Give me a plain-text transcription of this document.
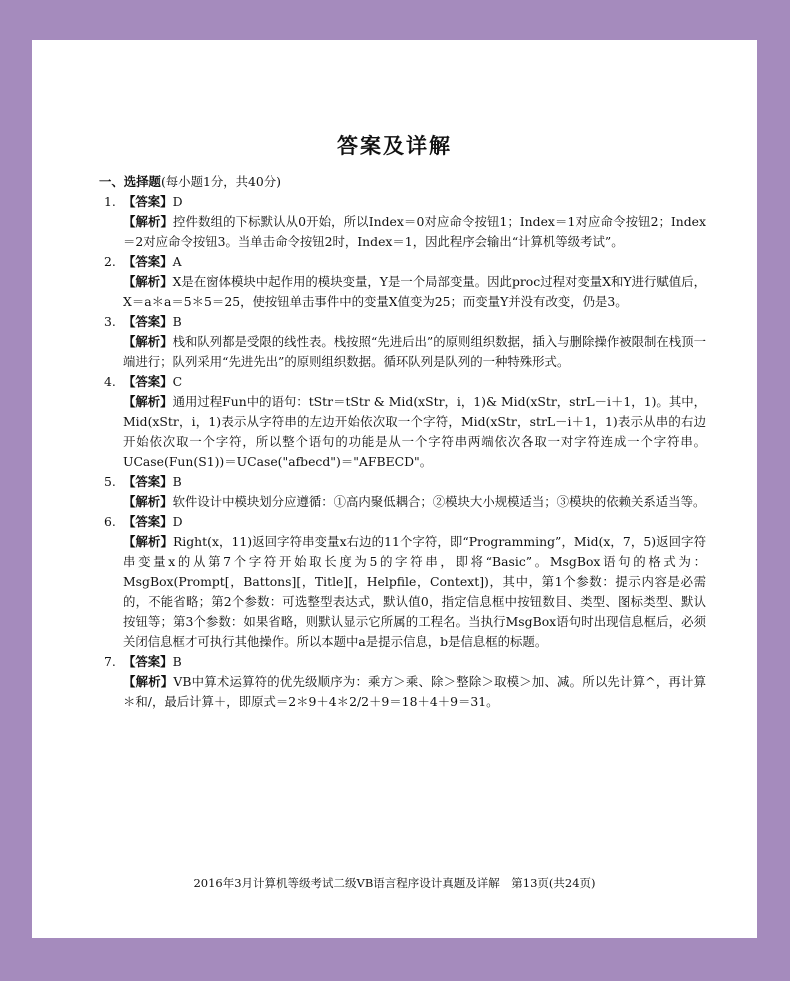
答案及详解
一、选择题(每小题1分，共40分)
1. 【答案】D
【解析】控件数组的下标默认从0开始，所以Index＝0对应命令按钮1；Index＝1对应命令按钮2；Index＝2对应命令按钮3。当单击命令按钮2时，Index＝1，因此程序会输出“计算机等级考试”。
2. 【答案】A
【解析】X是在窗体模块中起作用的模块变量，Y是一个局部变量。因此proc过程对变量X和Y进行赋值后，X＝a＊a＝5＊5＝25，使按钮单击事件中的变量X值变为25；而变量Y并没有改变，仍是3。
3. 【答案】B
【解析】栈和队列都是受限的线性表。栈按照“先进后出”的原则组织数据，插入与删除操作被限制在栈顶一端进行；队列采用“先进先出”的原则组织数据。循环队列是队列的一种特殊形式。
4. 【答案】C
【解析】通用过程Fun中的语句：tStr＝tStr & Mid(xStr，i，1)& Mid(xStr，strL－i＋1，1)。其中，Mid(xStr，i，1)表示从字符串的左边开始依次取一个字符，Mid(xStr，strL－i＋1，1)表示从串的右边开始依次取一个字符，所以整个语句的功能是从一个字符串两端依次各取一对字符连成一个字符串。UCase(Fun(S1))＝UCase("afbecd")＝"AFBECD"。
5. 【答案】B
【解析】软件设计中模块划分应遵循：①高内聚低耦合；②模块大小规模适当；③模块的依赖关系适当等。
6. 【答案】D
【解析】Right(x，11)返回字符串变量x右边的11个字符，即“Programming”，Mid(x，7，5)返回字符串变量x的从第7个字符开始取长度为5的字符串，即将“Basic”。MsgBox语句的格式为：MsgBox(Prompt[，Battons][，Title][，Helpfile，Context])，其中，第1个参数：提示内容是必需的，不能省略；第2个参数：可选整型表达式，默认值0，指定信息框中按钮数目、类型、图标类型、默认按钮等；第3个参数：如果省略，则默认显示它所属的工程名。当执行MsgBox语句时出现信息框后，必须关闭信息框才可执行其他操作。所以本题中a是提示信息，b是信息框的标题。
7. 【答案】B
【解析】VB中算术运算符的优先级顺序为：乘方＞乘、除＞整除＞取模＞加、减。所以先计算^，再计算＊和/，最后计算＋，即原式＝2＊9＋4＊2/2＋9＝18＋4＋9＝31。
2016年3月计算机等级考试二级VB语言程序设计真题及详解　第13页(共24页)
